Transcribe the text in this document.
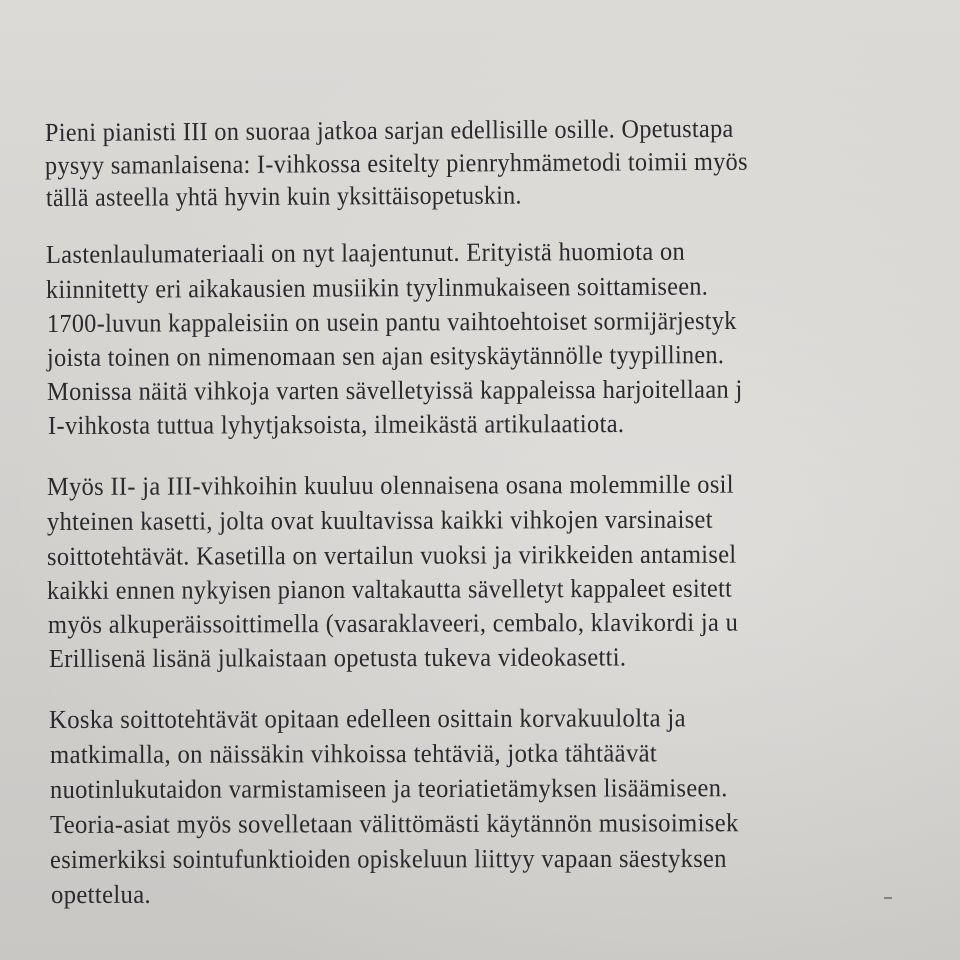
Pieni pianisti III on suoraa jatkoa sarjan edellisille osille. Opetustapa
pysyy samanlaisena: I-vihkossa esitelty pienryhmämetodi toimii myös
tällä asteella yhtä hyvin kuin yksittäisopetuskin.
Lastenlaulumateriaali on nyt laajentunut. Erityistä huomiota on
kiinnitetty eri aikakausien musiikin tyylinmukaiseen soittamiseen.
1700-luvun kappaleisiin on usein pantu vaihtoehtoiset sormijärjestyk
joista toinen on nimenomaan sen ajan esityskäytännölle tyypillinen.
Monissa näitä vihkoja varten sävelletyissä kappaleissa harjoitellaan j
I-vihkosta tuttua lyhytjaksoista, ilmeikästä artikulaatiota.
Myös II- ja III-vihkoihin kuuluu olennaisena osana molemmille osil
yhteinen kasetti, jolta ovat kuultavissa kaikki vihkojen varsinaiset
soittotehtävät. Kasetilla on vertailun vuoksi ja virikkeiden antamisel
kaikki ennen nykyisen pianon valtakautta sävelletyt kappaleet esitett
myös alkuperäissoittimella (vasaraklaveeri, cembalo, klavikordi ja u
Erillisenä lisänä julkaistaan opetusta tukeva videokasetti.
Koska soittotehtävät opitaan edelleen osittain korvakuulolta ja
matkimalla, on näissäkin vihkoissa tehtäviä, jotka tähtäävät
nuotinlukutaidon varmistamiseen ja teoriatietämyksen lisäämiseen.
Teoria-asiat myös sovelletaan välittömästi käytännön musisoimisek
esimerkiksi sointufunktioiden opiskeluun liittyy vapaan säestyksen
opettelua.
